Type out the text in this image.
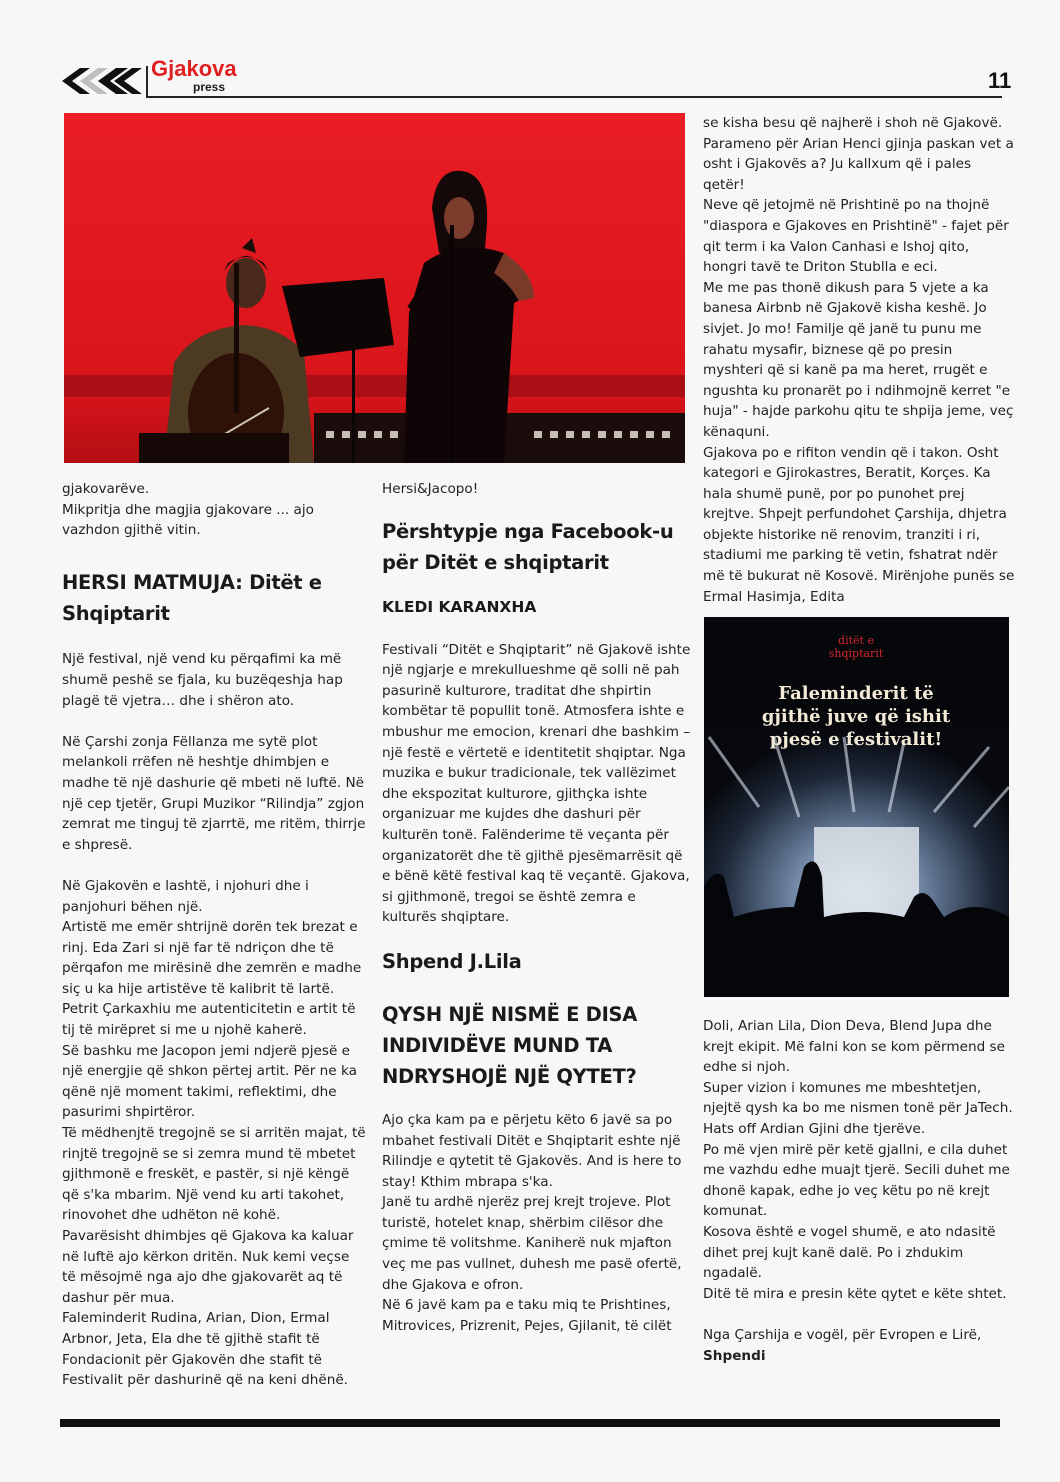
Gjakova
press	11

gjakovarëve.

Mikpritja dhe magjia gjakovare ... ajo vazhdon gjithë vitin.

HERSI MATMUJA: Ditët e Shqiptarit

Një festival, një vend ku përqafimi ka më shumë peshë se fjala, ku buzëqeshja hap plagë të vjetra… dhe i shëron ato.

Në Çarshi zonja Fëllanza me sytë plot melankoli rrëfen në heshtje dhimbjen e madhe të një dashurie që mbeti në luftë. Në një cep tjetër, Grupi Muzikor “Rilindja” zgjon zemrat me tinguj të zjarrtë, me ritëm, thirrje e shpresë.

Në Gjakovën e lashtë, i njohuri dhe i panjohuri bëhen një.

Artistë me emër shtrijnë dorën tek brezat e rinj. Eda Zari si një far të ndriçon dhe të përqafon me mirësinë dhe zemrën e madhe siç u ka hije artistëve të kalibrit të lartë.

Petrit Çarkaxhiu me autenticitetin e artit të tij të mirëpret si me u njohë kaherë.

Së bashku me Jacopon jemi ndjerë pjesë e një energjie që shkon përtej artit. Për ne ka qënë një moment takimi, reflektimi, dhe pasurimi shpirtëror.

Të mëdhenjtë tregojnë se si arritën majat, të rinjtë tregojnë se si zemra mund të mbetet gjithmonë e freskët, e pastër, si një këngë që s'ka mbarim. Një vend ku arti takohet, rinovohet dhe udhëton në kohë.

Pavarësisht dhimbjes që Gjakova ka kaluar në luftë ajo kërkon dritën. Nuk kemi veçse të mësojmë nga ajo dhe gjakovarët aq të dashur për mua.

Faleminderit Rudina, Arian, Dion, Ermal Arbnor, Jeta, Ela dhe të gjithë stafit të Fondacionit për Gjakovën dhe stafit të Festivalit për dashurinë që na keni dhënë.

Hersi&Jacopo!

Përshtypje nga Facebook-u për Ditët e shqiptarit

KLEDI KARANXHA

Festivali “Ditët e Shqiptarit” në Gjakovë ishte një ngjarje e mrekullueshme që solli në pah pasurinë kulturore, traditat dhe shpirtin kombëtar të popullit tonë. Atmosfera ishte e mbushur me emocion, krenari dhe bashkim – një festë e vërtetë e identitetit shqiptar. Nga muzika e bukur tradicionale, tek vallëzimet dhe ekspozitat kulturore, gjithçka ishte organizuar me kujdes dhe dashuri për kulturën tonë. Falënderime të veçanta për organizatorët dhe të gjithë pjesëmarrësit që e bënë këtë festival kaq të veçantë. Gjakova, si gjithmonë, tregoi se është zemra e kulturës shqiptare.

Shpend J.Lila

QYSH NJË NISMË E DISA INDIVIDËVE MUND TA NDRYSHOJË NJË QYTET?

Ajo çka kam pa e përjetu këto 6 javë sa po mbahet festivali Ditët e Shqiptarit eshte një Rilindje e qytetit të Gjakovës. And is here to stay! Kthim mbrapa s'ka.

Janë tu ardhë njerëz prej krejt trojeve. Plot turistë, hotelet knap, shërbim cilësor dhe çmime të volitshme. Kaniherë nuk mjafton veç me pas vullnet, duhesh me pasë ofertë, dhe Gjakova e ofron.

Në 6 javë kam pa e taku miq te Prishtines, Mitrovices, Prizrenit, Pejes, Gjilanit, të cilët

se kisha besu që najherë i shoh në Gjakovë. Parameno për Arian Henci gjinja paskan vet a osht i Gjakovës a? Ju kallxum që i pales qetër!

Neve që jetojmë në Prishtinë po na thojnë "diaspora e Gjakoves en Prishtinë" - fajet për qit term i ka Valon Canhasi e lshoj qito, hongri tavë te Driton Stublla e eci.

Me me pas thonë dikush para 5 vjete a ka banesa Airbnb në Gjakovë kisha keshë. Jo sivjet. Jo mo! Familje që janë tu punu me rahatu mysafir, biznese që po presin myshteri që si kanë pa ma heret, rrugët e ngushta ku pronarët po i ndihmojnë kerret "e huja" - hajde parkohu qitu te shpija jeme, veç kënaquni.

Gjakova po e rifiton vendin që i takon. Osht kategori e Gjirokastres, Beratit, Korçes. Ka hala shumë punë, por po punohet prej krejtve. Shpejt perfundohet Çarshija, dhjetra objekte historike në renovim, tranziti i ri, stadiumi me parking të vetin, fshatrat ndër më të bukurat në Kosovë. Mirënjohe punës se Ermal Hasimja, Edita

ditët e
shqiptarit
Faleminderit të
gjithë juve që ishit
pjesë e festivalit!

Doli, Arian Lila, Dion Deva, Blend Jupa dhe krejt ekipit. Më falni kon se kom përmend se edhe si njoh.

Super vizion i komunes me mbeshtetjen, njejtë qysh ka bo me nismen tonë për JaTech. Hats off Ardian Gjini dhe tjerëve.

Po më vjen mirë për ketë gjallni, e cila duhet me vazhdu edhe muajt tjerë. Secili duhet me dhonë kapak, edhe jo veç këtu po në krejt komunat.

Kosova është e vogel shumë, e ato ndasitë dihet prej kujt kanë dalë. Po i zhdukim ngadalë.

Ditë të mira e presin këte qytet e këte shtet.

Nga Çarshija e vogël, për Evropen e Lirë,

Shpendi
